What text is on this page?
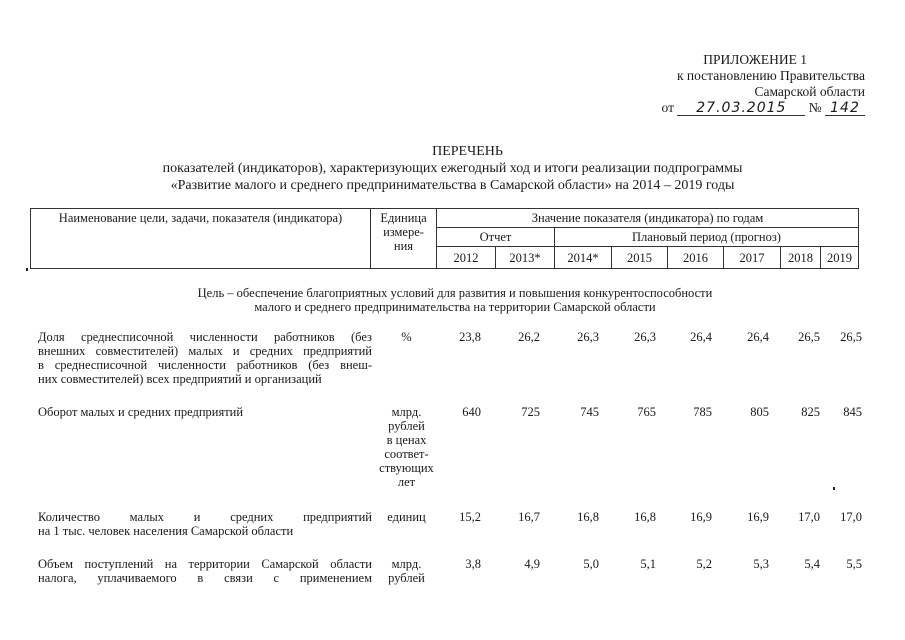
ПРИЛОЖЕНИЕ 1
к постановлению Правительства
Самарской области
от 27.03.2015 № 142
ПЕРЕЧЕНЬ
показателей (индикаторов), характеризующих ежегодный ход и итоги реализации подпрограммы
«Развитие малого и среднего предпринимательства в Самарской области» на 2014 – 2019 годы
Наименование цели, задачи, показателя (индикатора)	Единица измере-ния	Значение показателя (индикатора) по годам							
		Отчет		Плановый период (прогноз)					
		2012	2013*	2014*	2015	2016	2017	2018	2019
Цель – обеспечение благоприятных условий для развития и повышения конкурентоспособности
малого и среднего предпринимательства на территории Самарской области
Доля среднесписочной численности работников (без
внешних совместителей) малых и средних предприятий
в среднесписочной численности работников (без внеш-
них совместителей) всех предприятий и организаций
%	23,8	26,2	26,3	26,3	26,4	26,4	26,5	26,5
Оборот малых и средних предприятий	млрд.
рублей
в ценах
соответ-
ствующих
лет
640	725	745	765	785	805	825	845
Количество малых и средних предприятий
на 1 тыс. человек населения Самарской области
единиц	15,2	16,7	16,8	16,8	16,9	16,9	17,0	17,0
Объем поступлений на территории Самарской области
налога, уплачиваемого в связи с применением
млрд.
рублей
3,8	4,9	5,0	5,1	5,2	5,3	5,4	5,5
